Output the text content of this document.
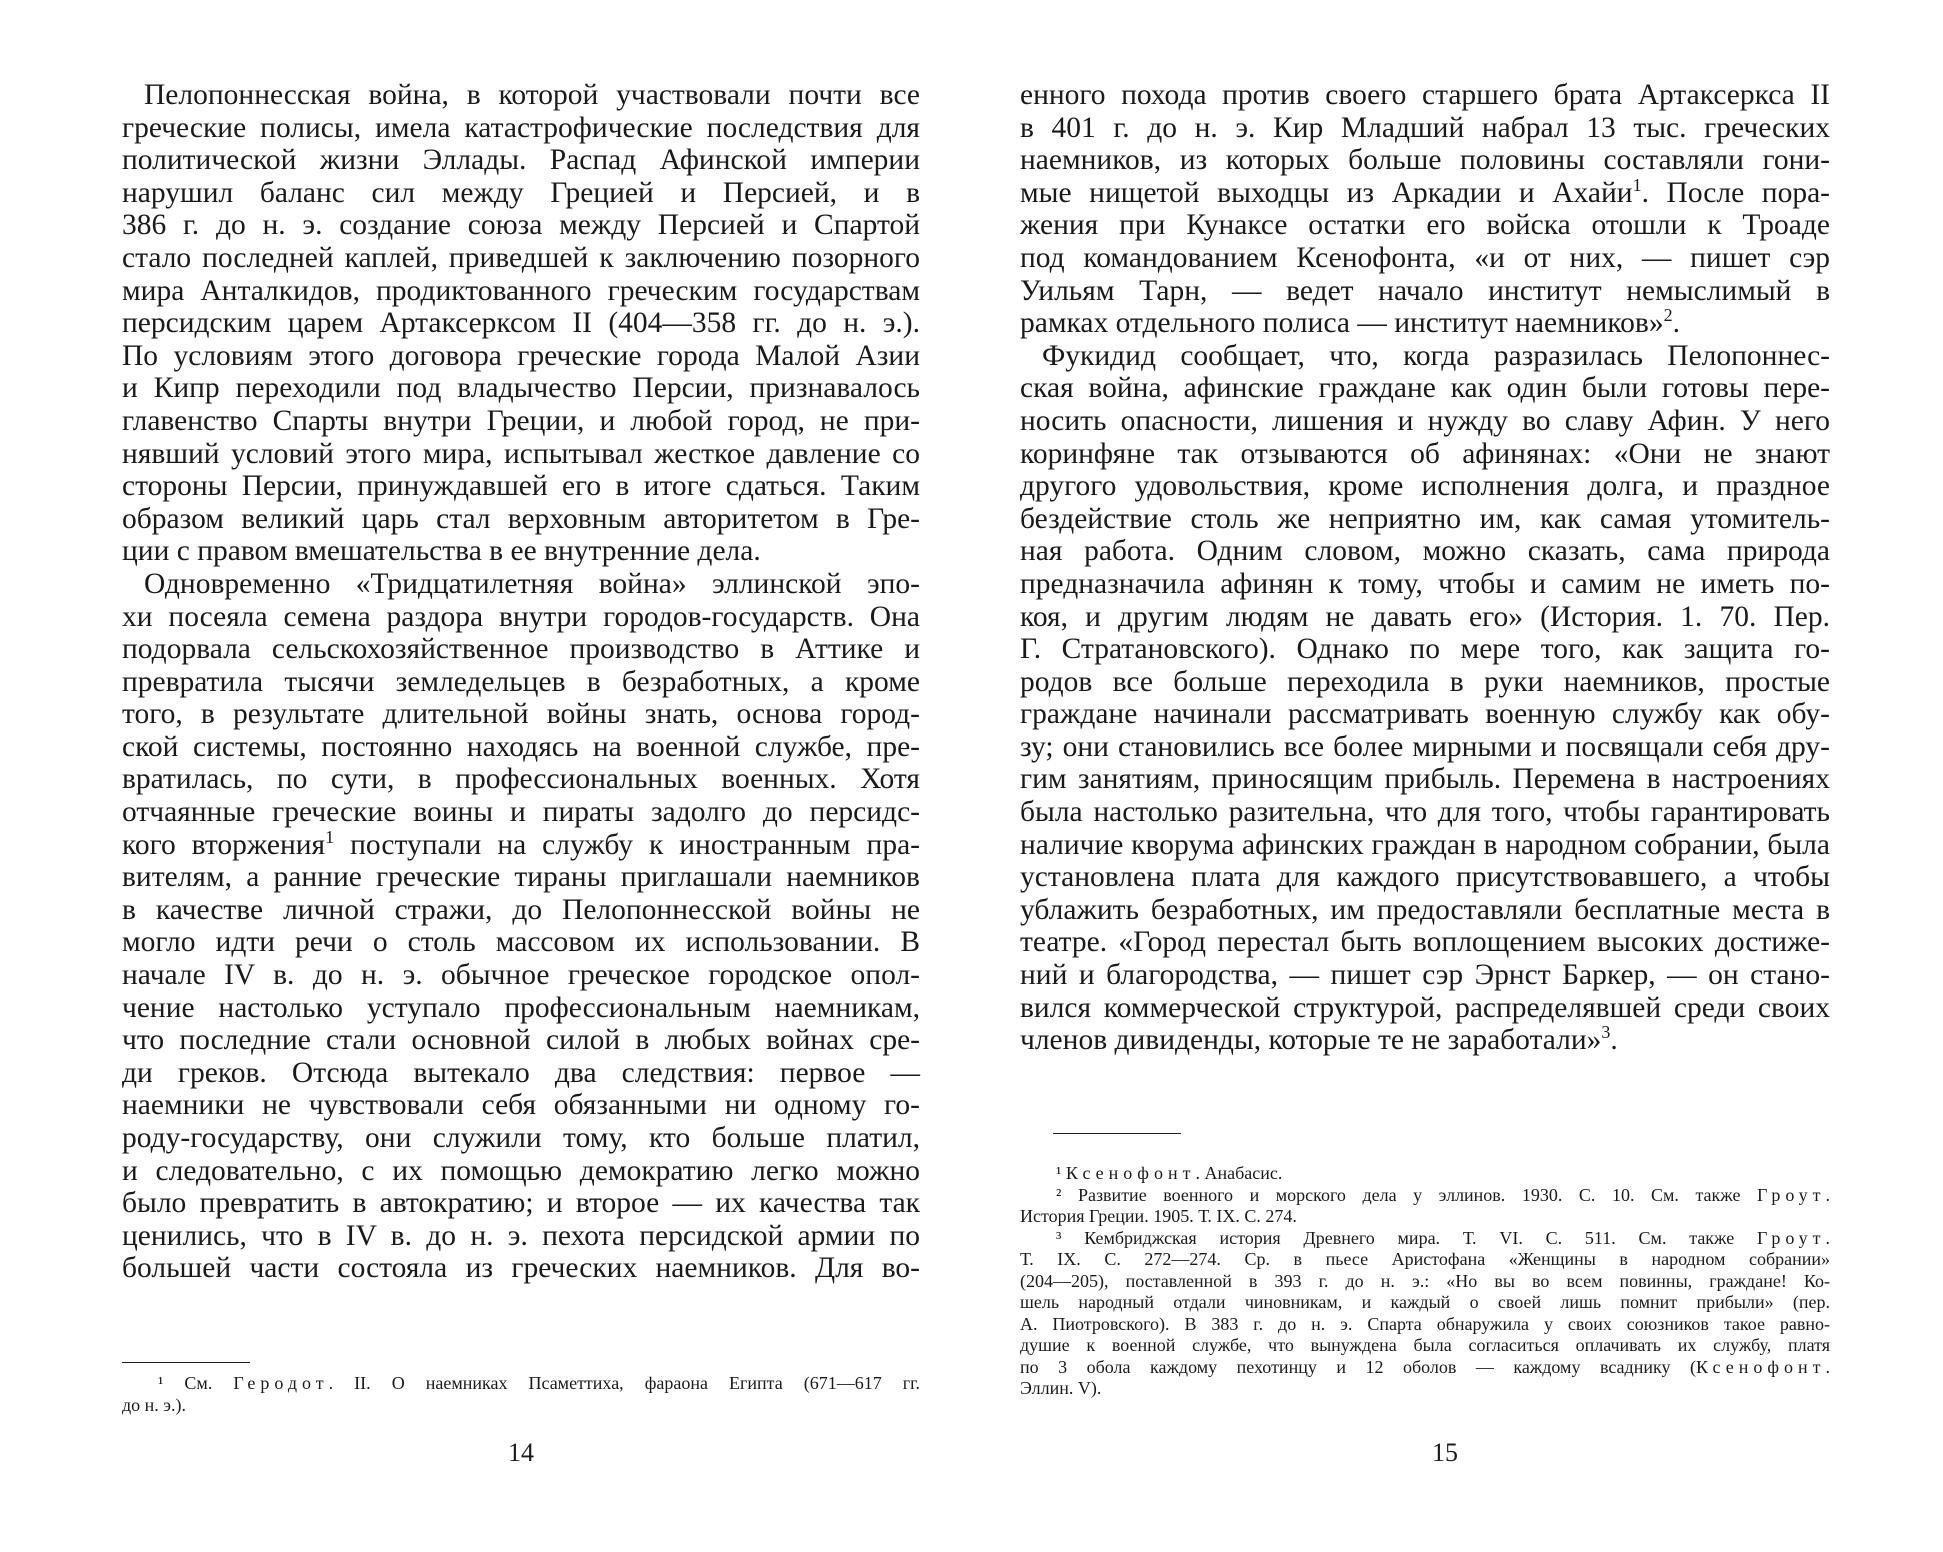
Пелопоннесская война, в которой участвовали почти все
греческие полисы, имела катастрофические последствия для
политической жизни Эллады. Распад Афинской империи
нарушил баланс сил между Грецией и Персией, и в
386 г. до н. э. создание союза между Персией и Спартой
стало последней каплей, приведшей к заключению позорного
мира Анталкидов, продиктованного греческим государствам
персидским царем Артаксерксом II (404—358 гг. до н. э.).
По условиям этого договора греческие города Малой Азии
и Кипр переходили под владычество Персии, признавалось
главенство Спарты внутри Греции, и любой город, не при-
нявший условий этого мира, испытывал жесткое давление со
стороны Персии, принуждавшей его в итоге сдаться. Таким
образом великий царь стал верховным авторитетом в Гре-
ции с правом вмешательства в ее внутренние дела.
Одновременно «Тридцатилетняя война» эллинской эпо-
хи посеяла семена раздора внутри городов-государств. Она
подорвала сельскохозяйственное производство в Аттике и
превратила тысячи земледельцев в безработных, а кроме
того, в результате длительной войны знать, основа город-
ской системы, постоянно находясь на военной службе, пре-
вратилась, по сути, в профессиональных военных. Хотя
отчаянные греческие воины и пираты задолго до персидс-
кого вторжения$^1$ поступали на службу к иностранным пра-
вителям, а ранние греческие тираны приглашали наемников
в качестве личной стражи, до Пелопоннесской войны не
могло идти речи о столь массовом их использовании. В
начале IV в. до н. э. обычное греческое городское опол-
чение настолько уступало профессиональным наемникам,
что последние стали основной силой в любых войнах сре-
ди греков. Отсюда вытекало два следствия: первое —
наемники не чувствовали себя обязанными ни одному го-
роду-государству, они служили тому, кто больше платил,
и следовательно, с их помощью демократию легко можно
было превратить в автократию; и второе — их качества так
ценились, что в IV в. до н. э. пехота персидской армии по
большей части состояла из греческих наемников. Для во-
¹ См. Геродот. II. О наемниках Псаметтиха, фараона Египта (671—617 гг.
до н. э.).
14
енного похода против своего старшего брата Артаксеркса II
в 401 г. до н. э. Кир Младший набрал 13 тыс. греческих
наемников, из которых больше половины составляли гони-
мые нищетой выходцы из Аркадии и Ахайи$^1$. После пора-
жения при Кунаксе остатки его войска отошли к Троаде
под командованием Ксенофонта, «и от них, — пишет сэр
Уильям Тарн, — ведет начало институт немыслимый в
рамках отдельного полиса — институт наемников»$^2$.
Фукидид сообщает, что, когда разразилась Пелопоннес-
ская война, афинские граждане как один были готовы пере-
носить опасности, лишения и нужду во славу Афин. У него
коринфяне так отзываются об афинянах: «Они не знают
другого удовольствия, кроме исполнения долга, и праздное
бездействие столь же неприятно им, как самая утомитель-
ная работа. Одним словом, можно сказать, сама природа
предназначила афинян к тому, чтобы и самим не иметь по-
коя, и другим людям не давать его» (История. 1. 70. Пер.
Г. Стратановского). Однако по мере того, как защита го-
родов все больше переходила в руки наемников, простые
граждане начинали рассматривать военную службу как обу-
зу; они становились все более мирными и посвящали себя дру-
гим занятиям, приносящим прибыль. Перемена в настроениях
была настолько разительна, что для того, чтобы гарантировать
наличие кворума афинских граждан в народном собрании, была
установлена плата для каждого присутствовавшего, а чтобы
ублажить безработных, им предоставляли бесплатные места в
театре. «Город перестал быть воплощением высоких достиже-
ний и благородства, — пишет сэр Эрнст Баркер, — он стано-
вился коммерческой структурой, распределявшей среди своих
членов дивиденды, которые те не заработали»$^3$.
¹ Ксенофонт. Анабасис.
² Развитие военного и морского дела у эллинов. 1930. С. 10. См. также Гроут.
История Греции. 1905. Т. IX. С. 274.
³ Кембриджская история Древнего мира. Т. VI. С. 511. См. также Гроут.
Т. IX. С. 272—274. Ср. в пьесе Аристофана «Женщины в народном собрании»
(204—205), поставленной в 393 г. до н. э.: «Но вы во всем повинны, граждане! Ко-
шель народный отдали чиновникам, и каждый о своей лишь помнит прибыли» (пер.
А. Пиотровского). В 383 г. до н. э. Спарта обнаружила у своих союзников такое равно-
душие к военной службе, что вынуждена была согласиться оплачивать их службу, платя
по 3 обола каждому пехотинцу и 12 оболов — каждому всаднику (Ксенофонт.
Эллин. V).
15
